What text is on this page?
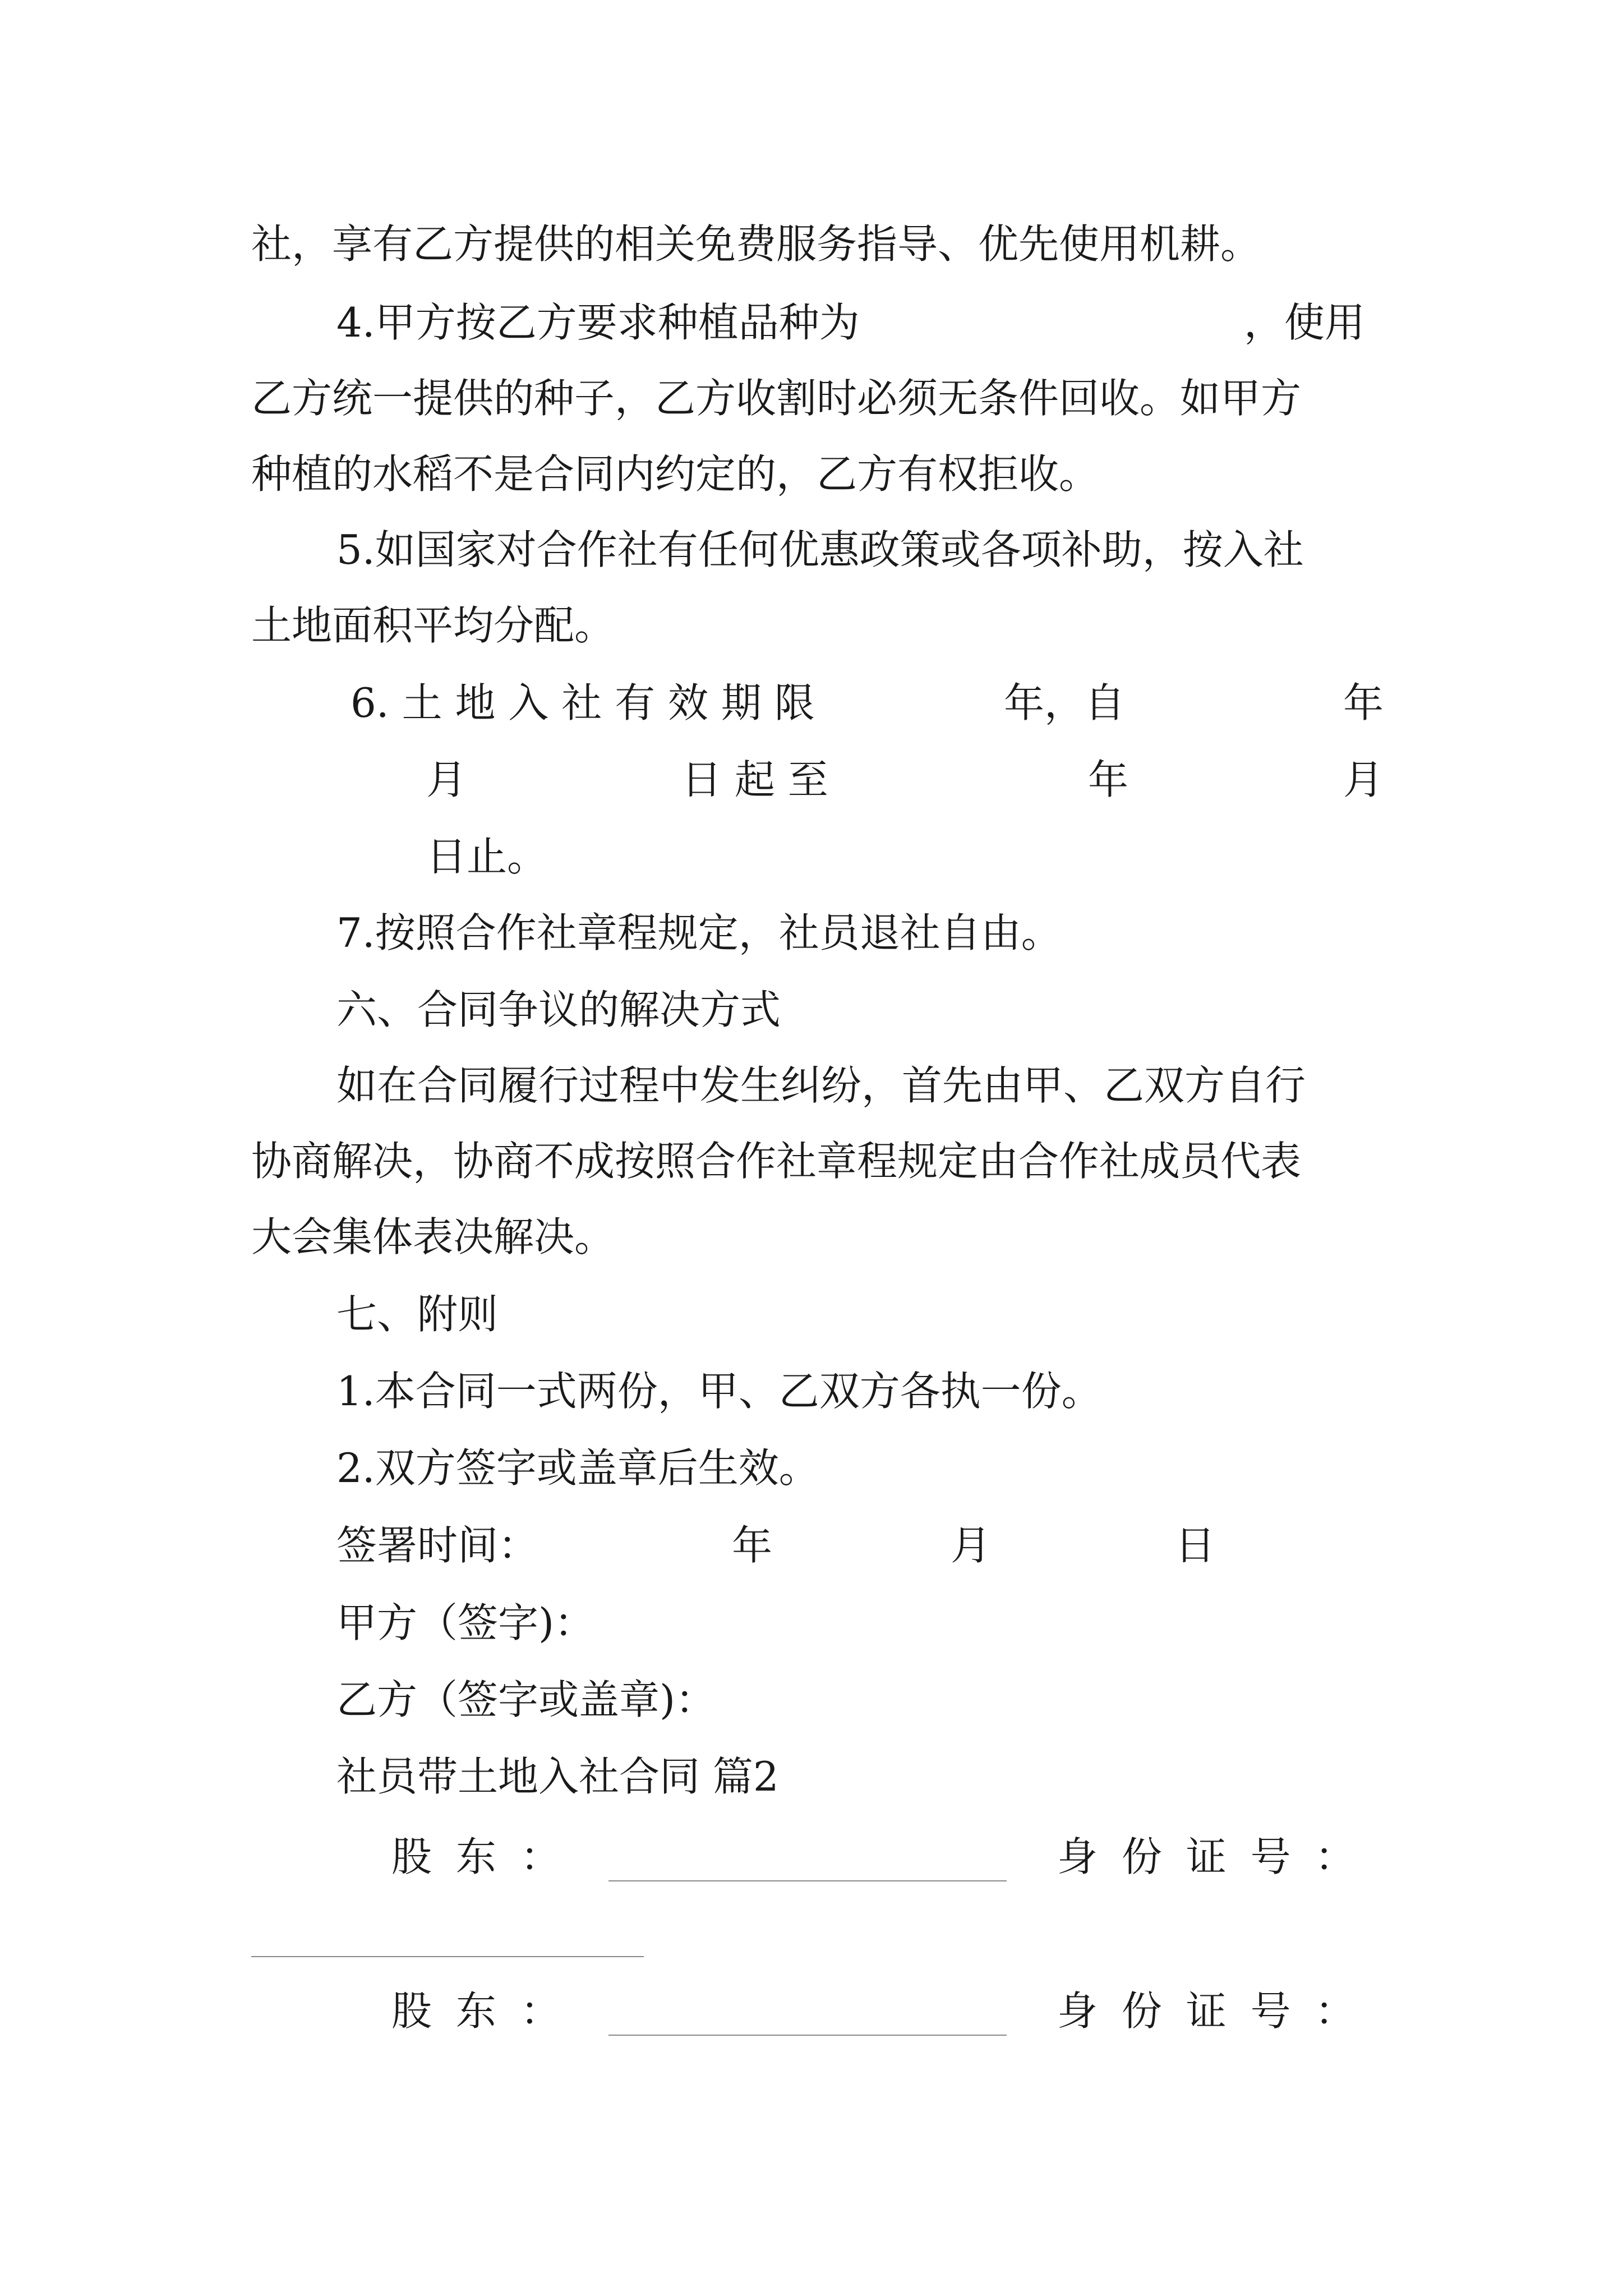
社，享有乙方提供的相关免费服务指导、优先使用机耕。
4.甲方按乙方要求种植品种为	，使用
乙方统一提供的种子，乙方收割时必须无条件回收。如甲方
种植的水稻不是合同内约定的，乙方有权拒收。
5.如国家对合作社有任何优惠政策或各项补助，按入社
土地面积平均分配。
6. 土 地 入 社 有 效 期 限	年，自	年
月	日 起 至	年	月
日止。
7.按照合作社章程规定，社员退社自由。
六、合同争议的解决方式
如在合同履行过程中发生纠纷，首先由甲、乙双方自行
协商解决，协商不成按照合作社章程规定由合作社成员代表
大会集体表决解决。
七、附则
1.本合同一式两份，甲、乙双方各执一份。
2.双方签字或盖章后生效。
签署时间：	年	月	日
甲方（签字)：
乙方（签字或盖章)：
社员带土地入社合同 篇2
股 东 ：	身 份 证 号 ：
股 东 ：	身 份 证 号 ：
